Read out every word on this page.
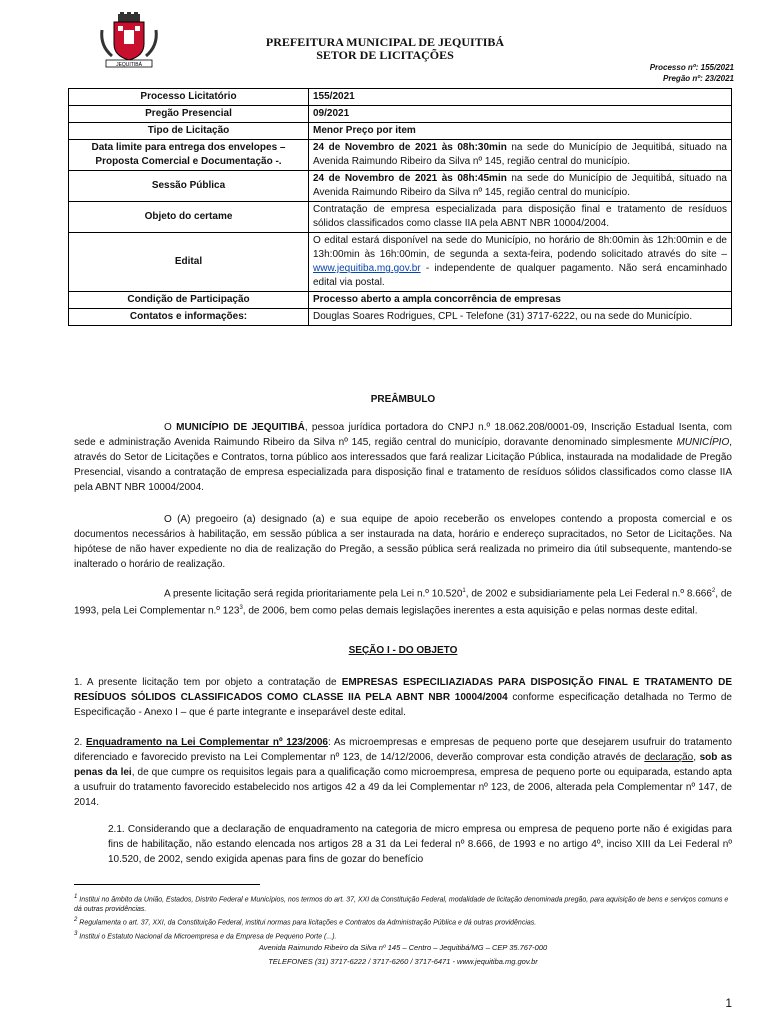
JEQUITIBÁ
PREFEITURA MUNICIPAL DE JEQUITIBÁ
SETOR DE LICITAÇÕES
Processo nº: 155/2021
Pregão nº: 23/2021
Processo Licitatório	155/2021
Pregão Presencial	09/2021
Tipo de Licitação	Menor Preço por item
Data limite para entrega dos envelopes – Proposta Comercial e Documentação -.	24 de Novembro de 2021 às 08h:30min na sede do Município de Jequitibá, situado na Avenida Raimundo Ribeiro da Silva nº 145, região central do município.
Sessão Pública	24 de Novembro de 2021 às 08h:45min na sede do Município de Jequitibá, situado na Avenida Raimundo Ribeiro da Silva nº 145, região central do município.
Objeto do certame	Contratação de empresa especializada para disposição final e tratamento de resíduos sólidos classificados como classe IIA pela ABNT NBR 10004/2004.
Edital	O edital estará disponível na sede do Município, no horário de 8h:00min às 12h:00min e de 13h:00min às 16h:00min, de segunda a sexta-feira, podendo solicitado através do site – www.jequitiba.mg.gov.br - independente de qualquer pagamento. Não será encaminhado edital via postal.
Condição de Participação	Processo aberto a ampla concorrência de empresas
Contatos e informações:	Douglas Soares Rodrigues, CPL - Telefone (31) 3717-6222, ou na sede do Município.
PREÂMBULO
O MUNICÍPIO DE JEQUITIBÁ, pessoa jurídica portadora do CNPJ n.º 18.062.208/0001-09, Inscrição Estadual Isenta, com sede e administração Avenida Raimundo Ribeiro da Silva nº 145, região central do município, doravante denominado simplesmente MUNICÍPIO, através do Setor de Licitações e Contratos, torna público aos interessados que fará realizar Licitação Pública, instaurada na modalidade de Pregão Presencial, visando a contratação de empresa especializada para disposição final e tratamento de resíduos sólidos classificados como classe IIA pela ABNT NBR 10004/2004.
O (A) pregoeiro (a) designado (a) e sua equipe de apoio receberão os envelopes contendo a proposta comercial e os documentos necessários à habilitação, em sessão pública a ser instaurada na data, horário e endereço supracitados, no Setor de Licitações. Na hipótese de não haver expediente no dia de realização do Pregão, a sessão pública será realizada no primeiro dia útil subsequente, mantendo-se inalterado o horário de realização.
A presente licitação será regida prioritariamente pela Lei n.º 10.520$^1$, de 2002 e subsidiariamente pela Lei Federal n.º 8.666$^2$, de 1993, pela Lei Complementar n.º $123^3$, de 2006, bem como pelas demais legislações inerentes a esta aquisição e pelas normas deste edital.
SEÇÃO I - DO OBJETO
1. A presente licitação tem por objeto a contratação de EMPRESAS ESPECILIAZIADAS PARA DISPOSIÇÃO FINAL E TRATAMENTO DE RESÍDUOS SÓLIDOS CLASSIFICADOS COMO CLASSE IIA PELA ABNT NBR 10004/2004 conforme especificação detalhada no Termo de Especificação - Anexo I – que é parte integrante e inseparável deste edital.
2. Enquadramento na Lei Complementar nº 123/2006: As microempresas e empresas de pequeno porte que desejarem usufruir do tratamento diferenciado e favorecido previsto na Lei Complementar nº 123, de 14/12/2006, deverão comprovar esta condição através de declaração, sob as penas da lei, de que cumpre os requisitos legais para a qualificação como microempresa, empresa de pequeno porte ou equiparada, estando apta a usufruir do tratamento favorecido estabelecido nos artigos 42 a 49 da lei Complementar nº 123, de 2006, alterada pela Complementar nº 147, de 2014.
2.1. Considerando que a declaração de enquadramento na categoria de micro empresa ou empresa de pequeno porte não é exigidas para fins de habilitação, não estando elencada nos artigos 28 a 31 da Lei federal nº 8.666, de 1993 e no artigo 4º, inciso XIII da Lei Federal nº 10.520, de 2002, sendo exigida apenas para fins de gozar do benefício
$^1$ Institui no âmbito da União, Estados, Distrito Federal e Municípios, nos termos do art. 37, XXI da Constituição Federal, modalidade de licitação denominada pregão, para aquisição de bens e serviços comuns e dá outras providências.
$^2$ Regulamenta o art. 37, XXI, da Constituição Federal, institui normas para licitações e Contratos da Administração Pública e dá outras providências.
$^3$ Institui o Estatuto Nacional da Microempresa e da Empresa de Pequeno Porte (...).
Avenida Raimundo Ribeiro da Silva nº 145 – Centro – Jequitibá/MG – CEP 35.767-000
TELEFONES (31) 3717-6222 / 3717-6260 / 3717-6471 - www.jequitiba.mg.gov.br
1
